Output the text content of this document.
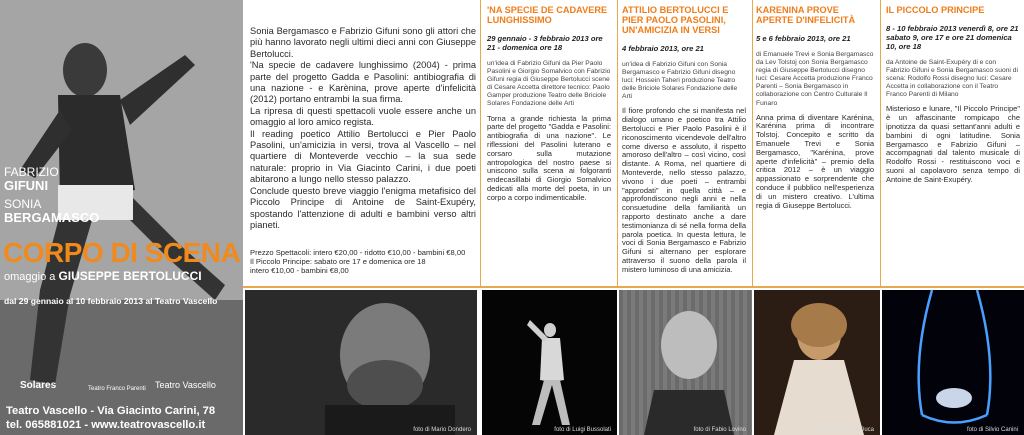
FABRIZIO
GIFUNI
SONIA
BERGAMASCO
CORPO DI SCENA
omaggio a GIUSEPPE BERTOLUCCI
dal 29 gennaio al 10 febbraio 2013 al Teatro Vascello
Solares	Teatro Franco Parenti Teatro Vascello
Teatro Vascello - Via Giacinto Carini, 78
tel. 065881021 - www.teatrovascello.it

Sonia Bergamasco e Fabrizio Gifuni sono gli attori che più hanno lavorato negli ultimi dieci anni con Giuseppe Bertolucci.

'Na specie de cadavere lunghissimo (2004) - prima parte del progetto Gadda e Pasolini: antibiografia di una nazione - e Karènina, prove aperte d'infelicità (2012) portano entrambi la sua firma.

La ripresa di questi spettacoli vuole essere anche un omaggio al loro amico regista.

Il reading poetico Attilio Bertolucci e Pier Paolo Pasolini, un'amicizia in versi, trova al Vascello – nel quartiere di Monteverde vecchio – la sua sede naturale: proprio in Via Giacinto Carini, i due poeti abitarono a lungo nello stesso palazzo.

Conclude questo breve viaggio l'enigma metafisico del Piccolo Principe di Antoine de Saint-Exupéry, spostando l'attenzione di adulti e bambini verso altri pianeti.

Prezzo Spettacoli: intero €20,00 - ridotto €10,00 - bambini €8,00
Il Piccolo Principe: sabato ore 17 e domenica ore 18
intero €10,00 - bambini €8,00
'NA SPECIE DE CADAVERE LUNGHISSIMO
29 gennaio - 3 febbraio 2013 ore 21 - domenica ore 18
un'idea di Fabrizio Gifuni da Pier Paolo Pasolini e Giorgio Somalvico con Fabrizio Gifuni regia di Giuseppe Bertolucci scene di Cesare Accetta direttore tecnico: Paolo Gamper produzione Teatro delle Briciole Solares Fondazione delle Arti
Torna a grande richiesta la prima parte del progetto "Gadda e Pasolini: antibiografia di una nazione". Le riflessioni del Pasolini luterano e corsaro sulla mutazione antropologica del nostro paese si uniscono sulla scena ai folgoranti endecasillabi di Giorgio Somalvico dedicati alla morte del poeta, in un corpo a corpo indimenticabile.
ATTILIO BERTOLUCCI E PIER PAOLO PASOLINI, UN'AMICIZIA IN VERSI
4 febbraio 2013, ore 21
un'idea di Fabrizio Gifuni con Sonia Bergamasco e Fabrizio Gifuni disegno luci: Hossein Taheri produzione Teatro delle Briciole Solares Fondazione delle Arti
Il fiore profondo che si manifesta nel dialogo umano e poetico tra Attilio Bertolucci e Pier Paolo Pasolini è il riconoscimento vicendevole dell'altro come diverso e assoluto, il rispetto amoroso dell'altro – così vicino, così distante. A Roma, nel quartiere di Monteverde, nello stesso palazzo, vivono i due poeti – entrambi "approdati" in quella città – e approfondiscono negli anni e nella consuetudine della familiarità un rapporto destinato anche a dare testimonianza di sé nella forma della parola poetica. In questa lettura, le voci di Sonia Bergamasco e Fabrizio Gifuni si alternano per esplorare attraverso il suono della parola il mistero luminoso di una amicizia.
KARENINA PROVE APERTE D'INFELICITÀ
5 e 6 febbraio 2013, ore 21
di Emanuele Trevi e Sonia Bergamasco da Lev Tolstoj con Sonia Bergamasco regia di Giuseppe Bertolucci disegno luci: Cesare Accetta produzione Franco Parenti – Sonia Bergamasco in collaborazione con Centro Culturale Il Funaro
Anna prima di diventare Karénina, Karénina prima di incontrare Tolstoj. Concepito e scritto da Emanuele Trevi e Sonia Bergamasco, "Karénina, prove aperte d'infelicità" – premio della critica 2012 – è un viaggio appassionato e sorprendente che conduce il pubblico nell'esperienza di un mistero creativo. L'ultima regia di Giuseppe Bertolucci.
IL PICCOLO PRINCIPE
8 - 10 febbraio 2013 venerdì 8, ore 21 sabato 9, ore 17 e ore 21 domenica 10, ore 18
da Antoine de Saint-Exupéry di e con Fabrizio Gifuni e Sonia Bergamasco suoni di scena: Rodolfo Rossi disegno luci: Cesare Accetta in collaborazione con il Teatro Franco Parenti di Milano
Misterioso e lunare, "Il Piccolo Principe" è un affascinante rompicapo che ipnotizza da quasi settant'anni adulti e bambini di ogni latitudine. Sonia Bergamasco e Fabrizio Gifuni – accompagnati dal talento musicale di Rodolfo Rossi - restituiscono voci e suoni al capolavoro senza tempo di Antoine de Saint-Exupéry.
foto di Mario Dondero	foto di Luigi Bussolati	foto di Fabio Lovino	foto di Fabio Del Duca	foto di Silvio Canini
